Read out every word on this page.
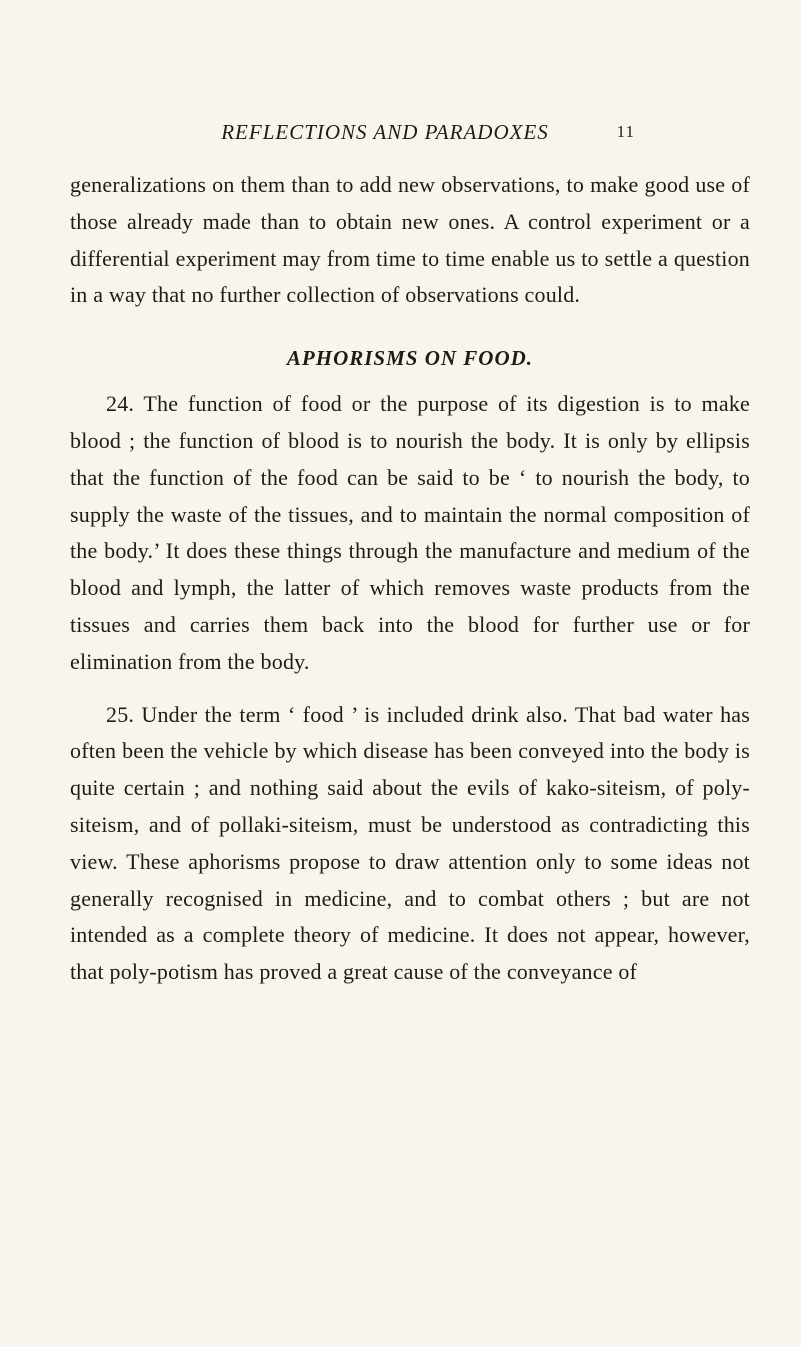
REFLECTIONS AND PARADOXES	11

generalizations on them than to add new observations, to make good use of those already made than to obtain new ones. A control experiment or a differential experiment may from time to time enable us to settle a question in a way that no further collection of observations could.

APHORISMS ON FOOD.

24. The function of food or the purpose of its digestion is to make blood ; the function of blood is to nourish the body. It is only by ellipsis that the function of the food can be said to be ‘ to nourish the body, to supply the waste of the tissues, and to maintain the normal composition of the body.’ It does these things through the manufacture and medium of the blood and lymph, the latter of which removes waste products from the tissues and carries them back into the blood for further use or for elimination from the body.

25. Under the term ‘ food ’ is included drink also. That bad water has often been the vehicle by which disease has been conveyed into the body is quite certain ; and nothing said about the evils of kako-siteism, of poly-siteism, and of pollaki-siteism, must be understood as contradicting this view. These aphorisms propose to draw attention only to some ideas not generally recognised in medicine, and to combat others ; but are not intended as a complete theory of medicine. It does not appear, however, that poly-potism has proved a great cause of the conveyance of
